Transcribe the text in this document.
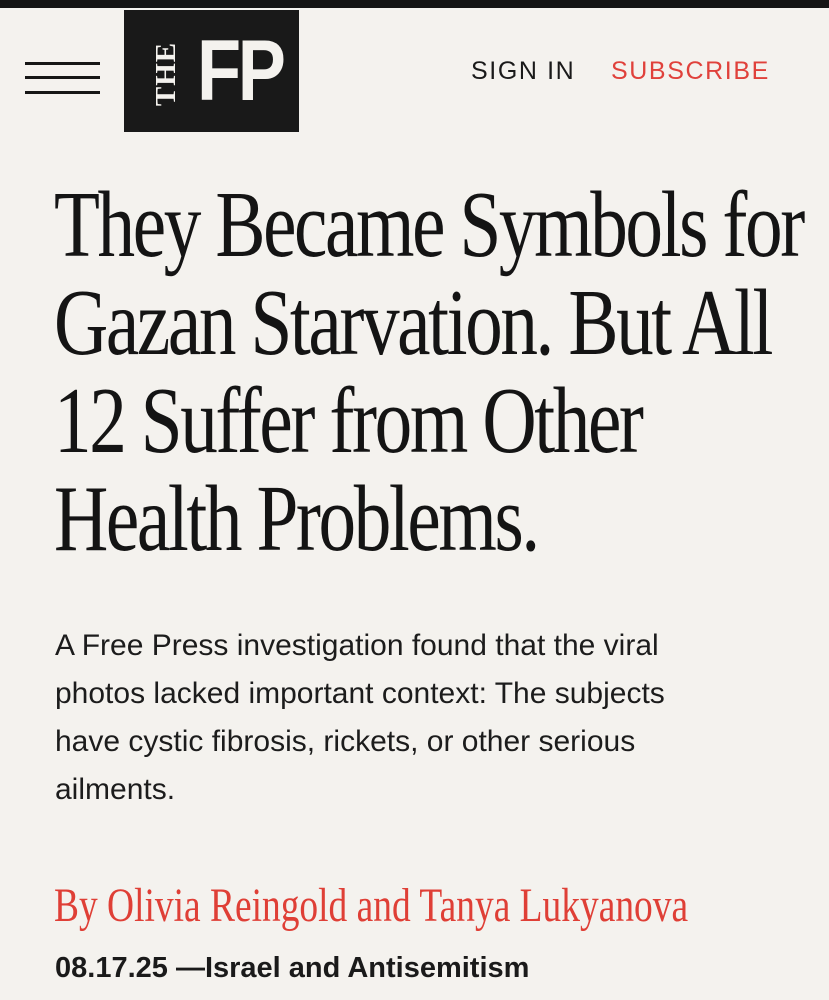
THE FP	SIGN IN SUBSCRIBE
They Became Symbols for
Gazan Starvation. But All
12 Suffer from Other
Health Problems.

A Free Press investigation found that the viral
photos lacked important context: The subjects
have cystic fibrosis, rickets, or other serious
ailments.

By Olivia Reingold and Tanya Lukyanova
08.17.25 —Israel and Antisemitism
